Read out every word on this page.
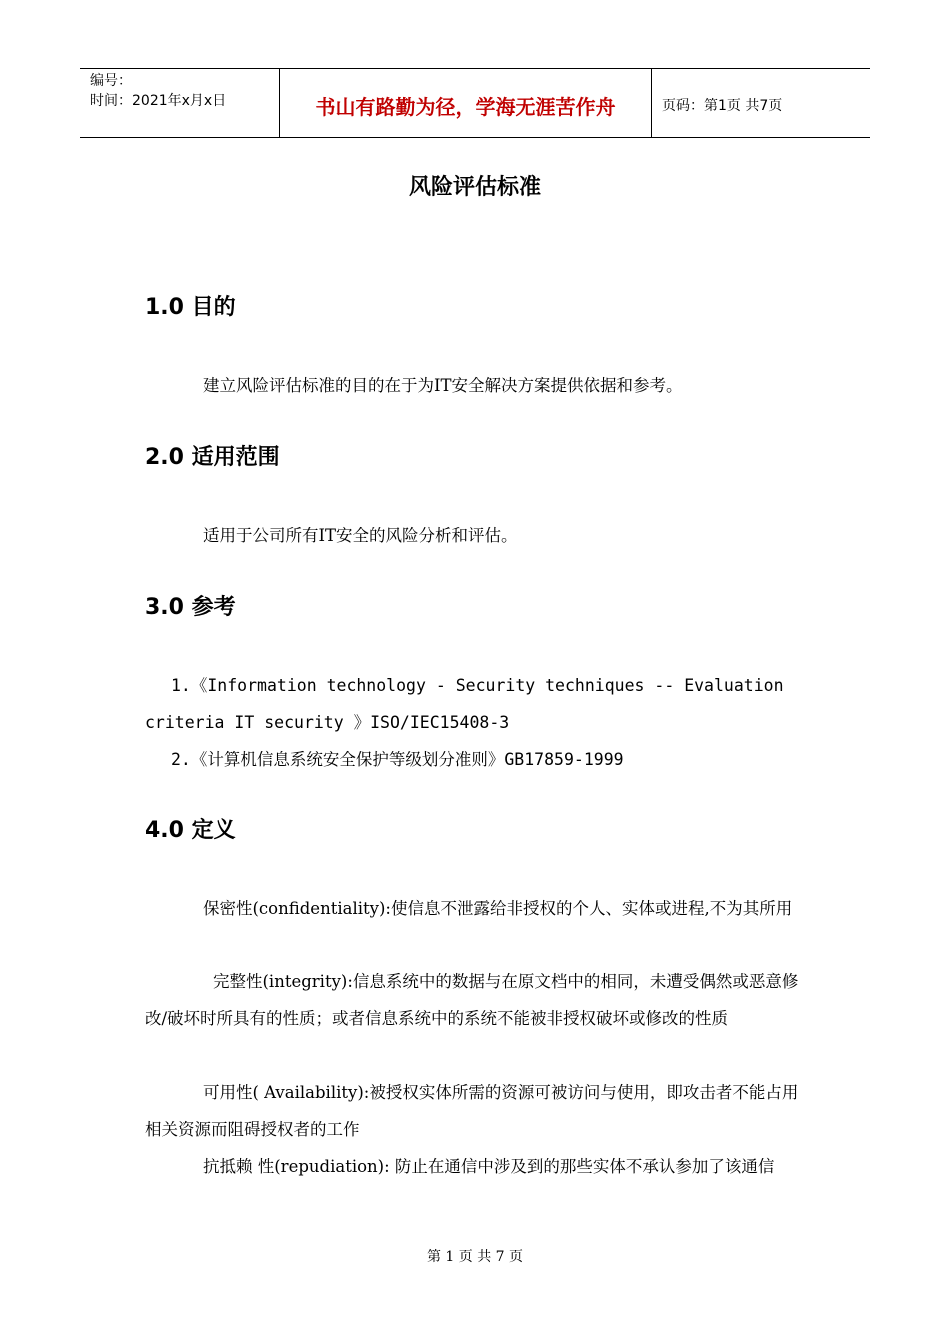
编号：
时间：2021年x月x日	书山有路勤为径，学海无涯苦作舟	页码：第1页 共7页
风险评估标准
1.0 目的
建立风险评估标准的目的在于为IT安全解决方案提供依据和参考。
2.0 适用范围
适用于公司所有IT安全的风险分析和评估。
3.0 参考
1.《Information technology - Security techniques -- Evaluation criteria IT security 》ISO/IEC15408-3
2.《计算机信息系统安全保护等级划分准则》GB17859-1999
4.0 定义
保密性(confidentiality):使信息不泄露给非授权的个人、实体或进程,不为其所用
完整性(integrity):信息系统中的数据与在原文档中的相同，未遭受偶然或恶意修改/破坏时所具有的性质；或者信息系统中的系统不能被非授权破坏或修改的性质
可用性( Availability):被授权实体所需的资源可被访问与使用，即攻击者不能占用相关资源而阻碍授权者的工作
抗抵赖 性(repudiation): 防止在通信中涉及到的那些实体不承认参加了该通信
第 1 页 共 7 页
